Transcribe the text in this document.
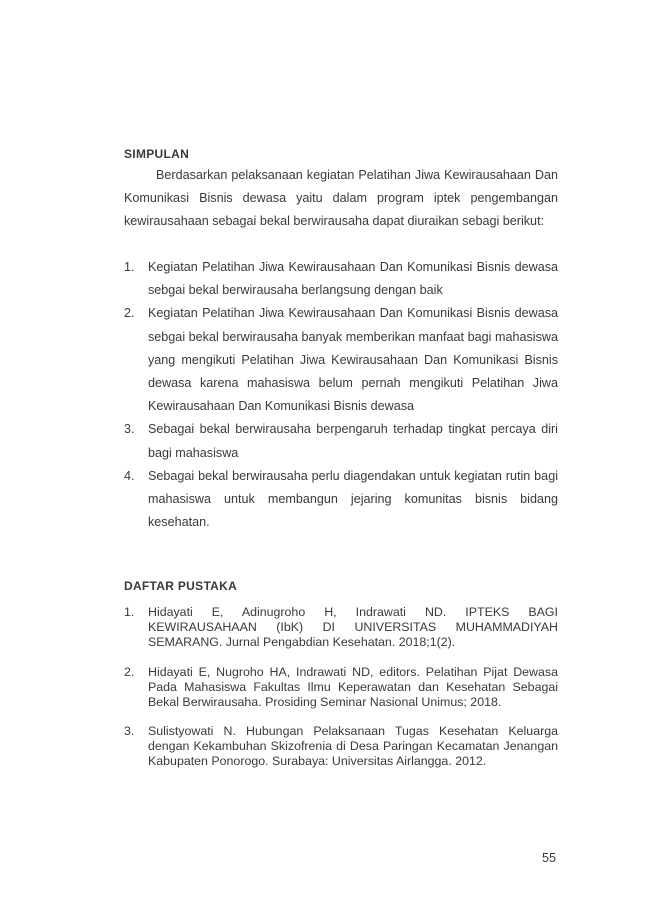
SIMPULAN

Berdasarkan pelaksanaan kegiatan Pelatihan Jiwa Kewirausahaan Dan Komunikasi Bisnis dewasa yaitu dalam program iptek pengembangan kewirausahaan sebagai bekal berwirausaha dapat diuraikan sebagi berikut:

1. Kegiatan Pelatihan Jiwa Kewirausahaan Dan Komunikasi Bisnis dewasa sebgai bekal berwirausaha berlangsung dengan baik
2. Kegiatan Pelatihan Jiwa Kewirausahaan Dan Komunikasi Bisnis dewasa sebgai bekal berwirausaha banyak memberikan manfaat bagi mahasiswa yang mengikuti Pelatihan Jiwa Kewirausahaan Dan Komunikasi Bisnis dewasa karena mahasiswa belum pernah mengikuti Pelatihan Jiwa Kewirausahaan Dan Komunikasi Bisnis dewasa
3. Sebagai bekal berwirausaha berpengaruh terhadap tingkat percaya diri bagi mahasiswa
4. Sebagai bekal berwirausaha perlu diagendakan untuk kegiatan rutin bagi mahasiswa untuk membangun jejaring komunitas bisnis bidang kesehatan.
DAFTAR PUSTAKA
1. Hidayati E, Adinugroho H, Indrawati ND. IPTEKS BAGI KEWIRAUSAHAAN (IbK) DI UNIVERSITAS MUHAMMADIYAH SEMARANG. Jurnal Pengabdian Kesehatan. 2018;1(2).
2. Hidayati E, Nugroho HA, Indrawati ND, editors. Pelatihan Pijat Dewasa Pada Mahasiswa Fakultas Ilmu Keperawatan dan Kesehatan Sebagai Bekal Berwirausaha. Prosiding Seminar Nasional Unimus; 2018.
3. Sulistyowati N. Hubungan Pelaksanaan Tugas Kesehatan Keluarga dengan Kekambuhan Skizofrenia di Desa Paringan Kecamatan Jenangan Kabupaten Ponorogo. Surabaya: Universitas Airlangga. 2012.
55
